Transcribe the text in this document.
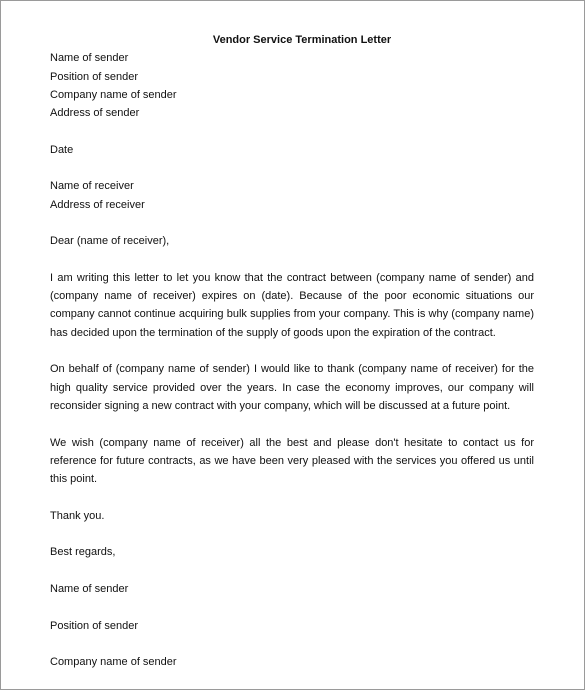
Vendor Service Termination Letter
Name of sender
Position of sender
Company name of sender
Address of sender
Date
Name of receiver
Address of receiver
Dear (name of receiver),

I am writing this letter to let you know that the contract between (company name of sender) and (company name of receiver) expires on (date). Because of the poor economic situations our company cannot continue acquiring bulk supplies from your company. This is why (company name) has decided upon the termination of the supply of goods upon the expiration of the contract.

On behalf of (company name of sender) I would like to thank (company name of receiver) for the high quality service provided over the years. In case the economy improves, our company will reconsider signing a new contract with your company, which will be discussed at a future point.

We wish (company name of receiver) all the best and please don't hesitate to contact us for reference for future contracts, as we have been very pleased with the services you offered us until this point.

Thank you.
Best regards,
Name of sender
Position of sender
Company name of sender
